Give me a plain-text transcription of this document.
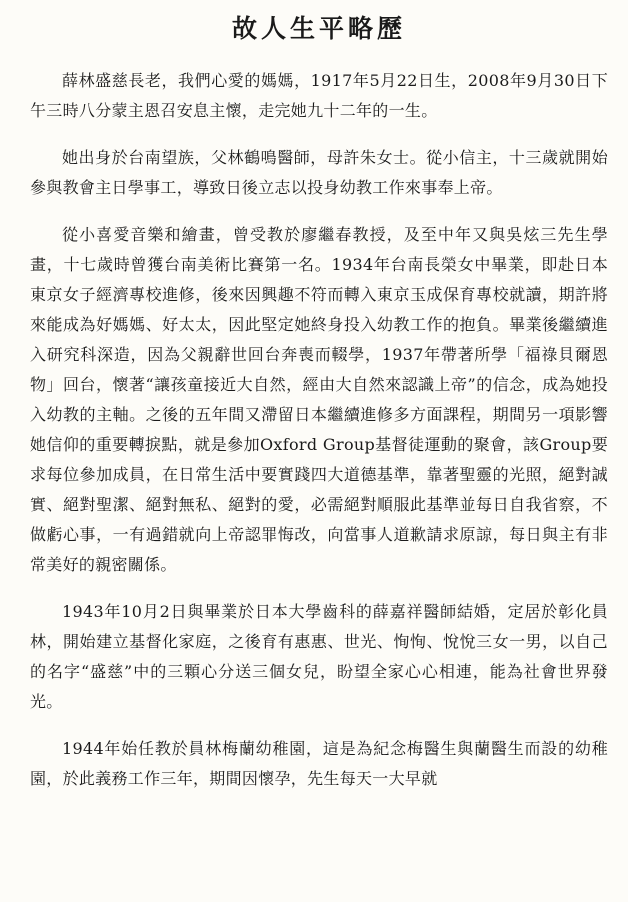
故人生平略歷

薛林盛慈長老，我們心愛的媽媽，1917年5月22日生，2008年9月30日下午三時八分蒙主恩召安息主懷，走完她九十二年的一生。

她出身於台南望族，父林鶴鳴醫師，母許朱女士。從小信主，十三歲就開始參與教會主日學事工，導致日後立志以投身幼教工作來事奉上帝。

從小喜愛音樂和繪畫，曾受教於廖繼春教授，及至中年又與吳炫三先生學畫，十七歲時曾獲台南美術比賽第一名。1934年台南長榮女中畢業，即赴日本東京女子經濟專校進修，後來因興趣不符而轉入東京玉成保育專校就讀，期許將來能成為好媽媽、好太太，因此堅定她終身投入幼教工作的抱負。畢業後繼續進入研究科深造，因為父親辭世回台奔喪而輟學，1937年帶著所學「福祿貝爾恩物」回台，懷著“讓孩童接近大自然，經由大自然來認識上帝”的信念，成為她投入幼教的主軸。之後的五年間又滯留日本繼續進修多方面課程，期間另一項影響她信仰的重要轉捩點，就是參加Oxford Group基督徒運動的聚會，該Group要求每位參加成員，在日常生活中要實踐四大道德基準，靠著聖靈的光照，絕對誠實、絕對聖潔、絕對無私、絕對的愛，必需絕對順服此基準並每日自我省察，不做虧心事，一有過錯就向上帝認罪悔改，向當事人道歉請求原諒，每日與主有非常美好的親密關係。

1943年10月2日與畢業於日本大學齒科的薛嘉祥醫師結婚，定居於彰化員林，開始建立基督化家庭，之後育有惠惠、世光、恂恂、悅悅三女一男，以自己的名字“盛慈”中的三顆心分送三個女兒，盼望全家心心相連，能為社會世界發光。

1944年始任教於員林梅蘭幼稚園，這是為紀念梅醫生與蘭醫生而設的幼稚園，於此義務工作三年，期間因懷孕，先生每天一大早就
